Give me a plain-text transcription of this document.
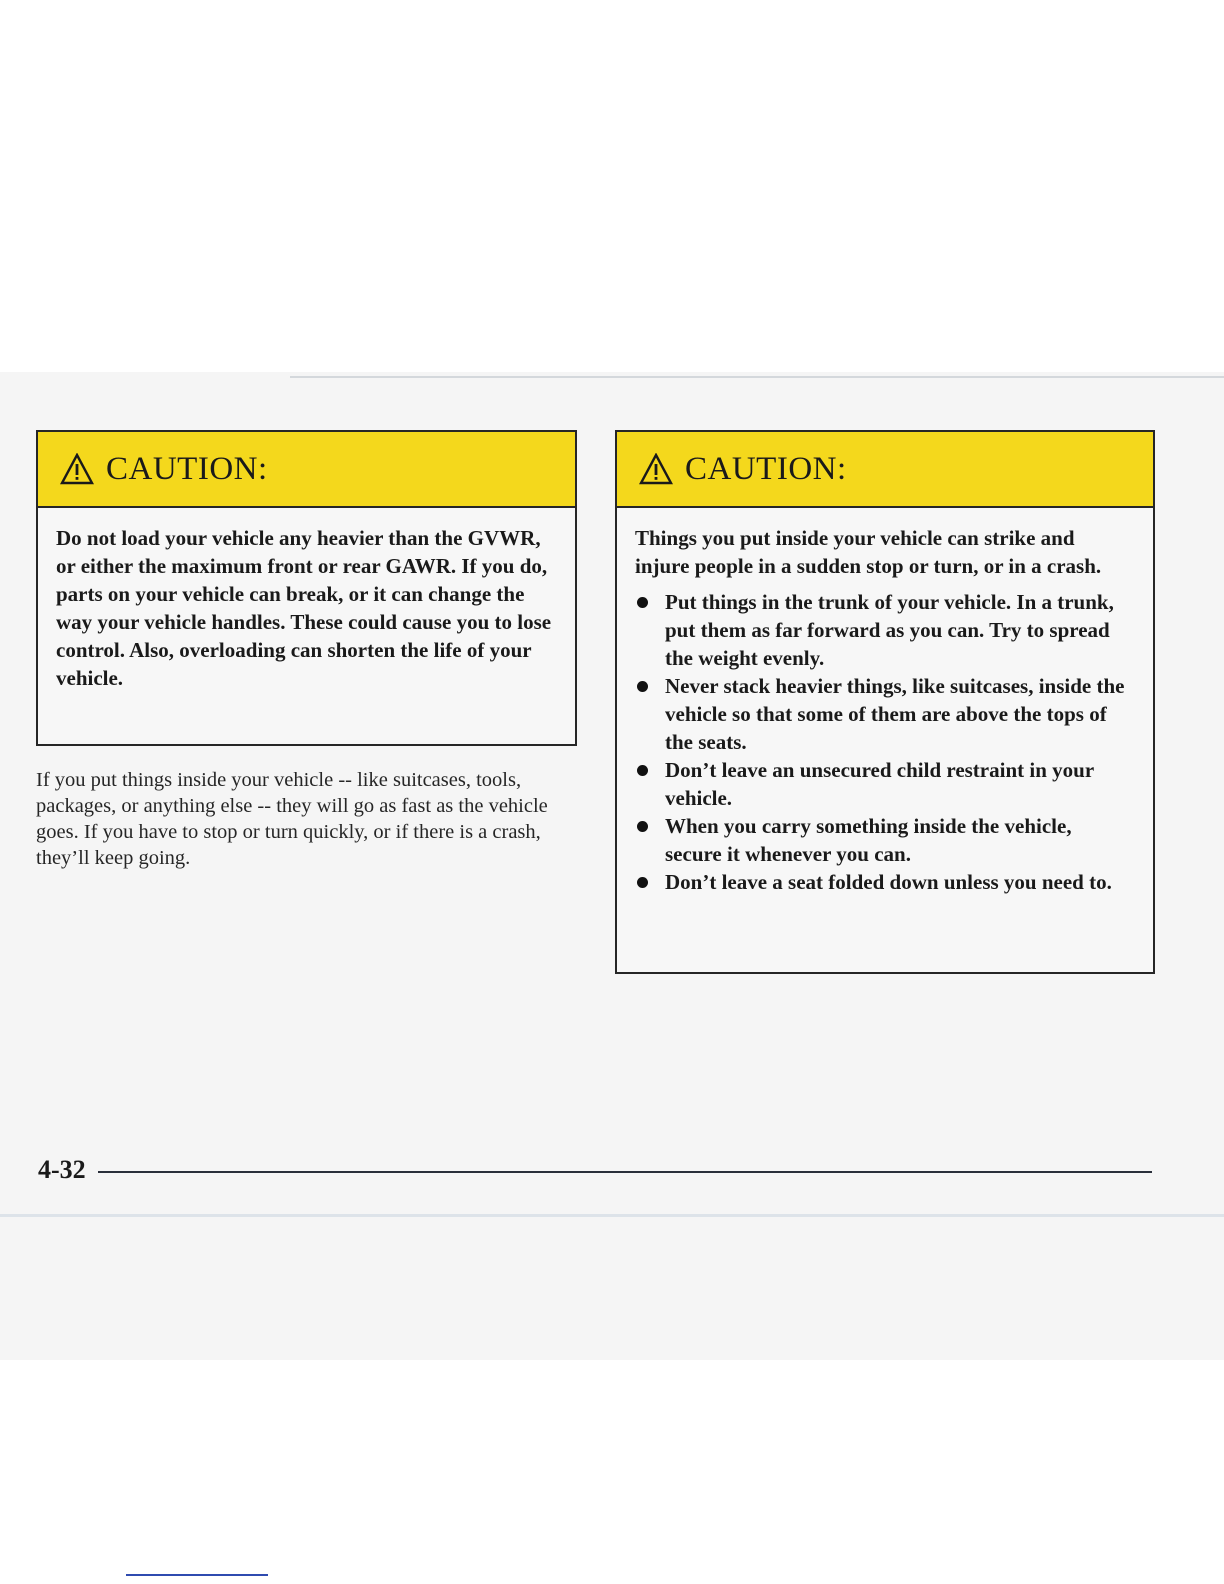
CAUTION:

Do not load your vehicle any heavier than the GVWR, or either the maximum front or rear GAWR. If you do, parts on your vehicle can break, or it can change the way your vehicle handles. These could cause you to lose control. Also, overloading can shorten the life of your vehicle.

If you put things inside your vehicle -- like suitcases, tools, packages, or anything else -- they will go as fast as the vehicle goes. If you have to stop or turn quickly, or if there is a crash, they’ll keep going.
CAUTION:

Things you put inside your vehicle can strike and injure people in a sudden stop or turn, or in a crash.

Put things in the trunk of your vehicle. In a trunk, put them as far forward as you can. Try to spread the weight evenly.
Never stack heavier things, like suitcases, inside the vehicle so that some of them are above the tops of the seats.
Don’t leave an unsecured child restraint in your vehicle.
When you carry something inside the vehicle, secure it whenever you can.
Don’t leave a seat folded down unless you need to.
4-32
